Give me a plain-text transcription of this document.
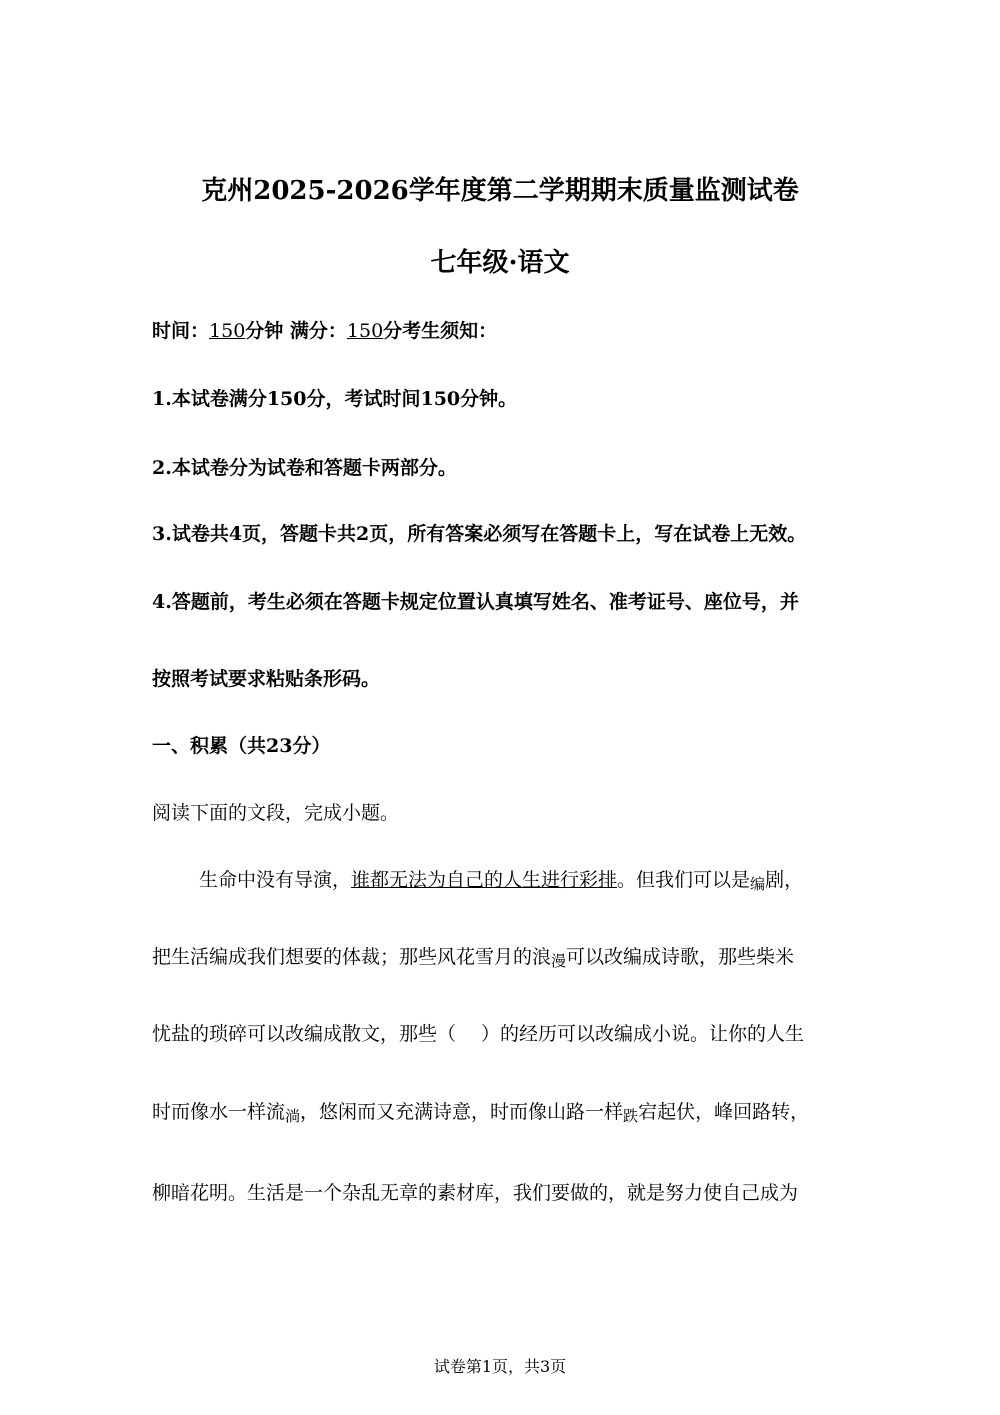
克州2025-2026学年度第二学期期末质量监测试卷
七年级·语文
时间：150分钟 满分：150分考生须知：
1.本试卷满分150分，考试时间150分钟。
2.本试卷分为试卷和答题卡两部分。
3.试卷共4页，答题卡共2页，所有答案必须写在答题卡上，写在试卷上无效。
4.答题前，考生必须在答题卡规定位置认真填写姓名、准考证号、座位号，并
按照考试要求粘贴条形码。
一、积累（共23分）
阅读下面的文段，完成小题。
生命中没有导演，谁都无法为自己的人生进行彩排。但我们可以是编剧，
把生活编成我们想要的体裁；那些风花雪月的浪漫可以改编成诗歌，那些柴米
忧盐的琐碎可以改编成散文，那些（　 ）的经历可以改编成小说。让你的人生
时而像水一样流淌，悠闲而又充满诗意，时而像山路一样跌宕起伏，峰回路转，
柳暗花明。生活是一个杂乱无章的素材库，我们要做的，就是努力使自己成为
试卷第1页，共3页
